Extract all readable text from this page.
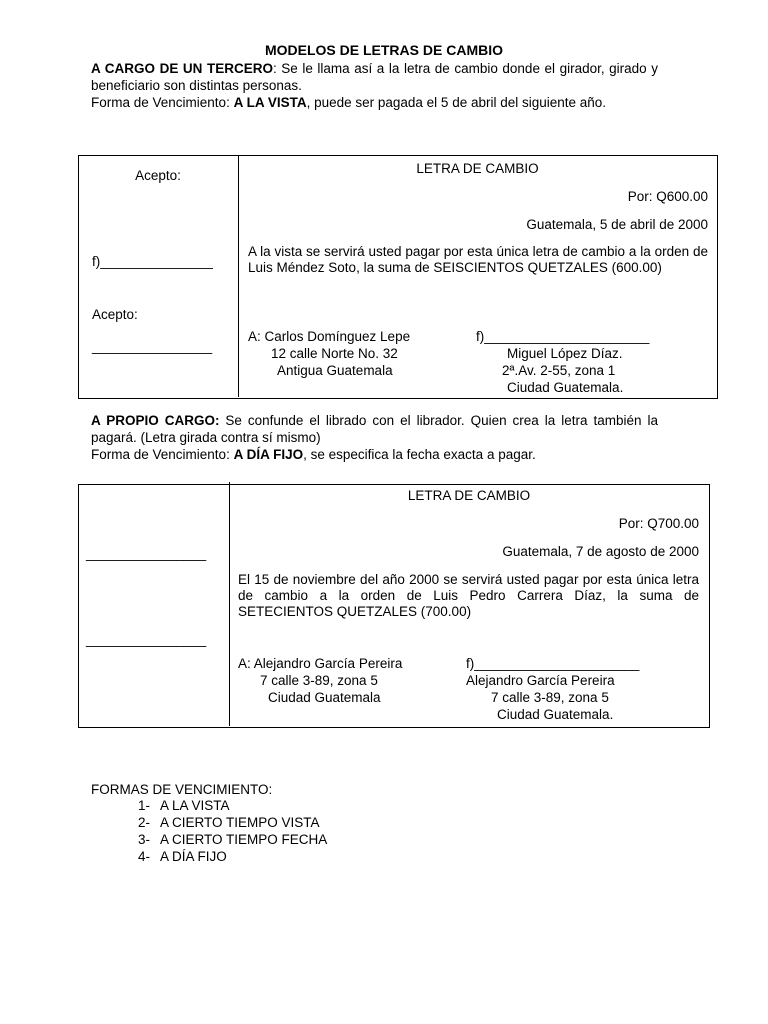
MODELOS DE LETRAS DE CAMBIO
A CARGO DE UN TERCERO: Se le llama así a la letra de cambio donde el girador, girado y beneficiario son distintas personas.
Forma de Vencimiento: A LA VISTA, puede ser pagada el 5 de abril del siguiente año.
Acepto:
f)_______________
Acepto:
________________
LETRA DE CAMBIO
Por: Q600.00
Guatemala, 5 de abril de 2000
A la vista se servirá usted pagar por esta única letra de cambio a la orden de Luis Méndez Soto, la suma de SEISCIENTOS QUETZALES (600.00)
A: Carlos Domínguez Lepe
12 calle Norte No. 32
Antigua Guatemala
f)______________________
Miguel López Díaz.
2ª.Av. 2-55, zona 1
Ciudad Guatemala.
A PROPIO CARGO: Se confunde el librado con el librador. Quien crea la letra también la pagará. (Letra girada contra sí mismo)
Forma de Vencimiento: A DÍA FIJO, se especifica la fecha exacta a pagar.
________________
________________
LETRA DE CAMBIO
Por: Q700.00
Guatemala, 7 de agosto de 2000
El 15 de noviembre del año 2000 se servirá usted pagar por esta única letra de cambio a la orden de Luis Pedro Carrera Díaz, la suma de SETECIENTOS QUETZALES (700.00)
A: Alejandro García Pereira
7 calle 3-89, zona 5
Ciudad Guatemala
f)______________________
Alejandro García Pereira
7 calle 3-89, zona 5
Ciudad Guatemala.
FORMAS DE VENCIMIENTO:
1- A LA VISTA
2- A CIERTO TIEMPO VISTA
3- A CIERTO TIEMPO FECHA
4- A DÍA FIJO
